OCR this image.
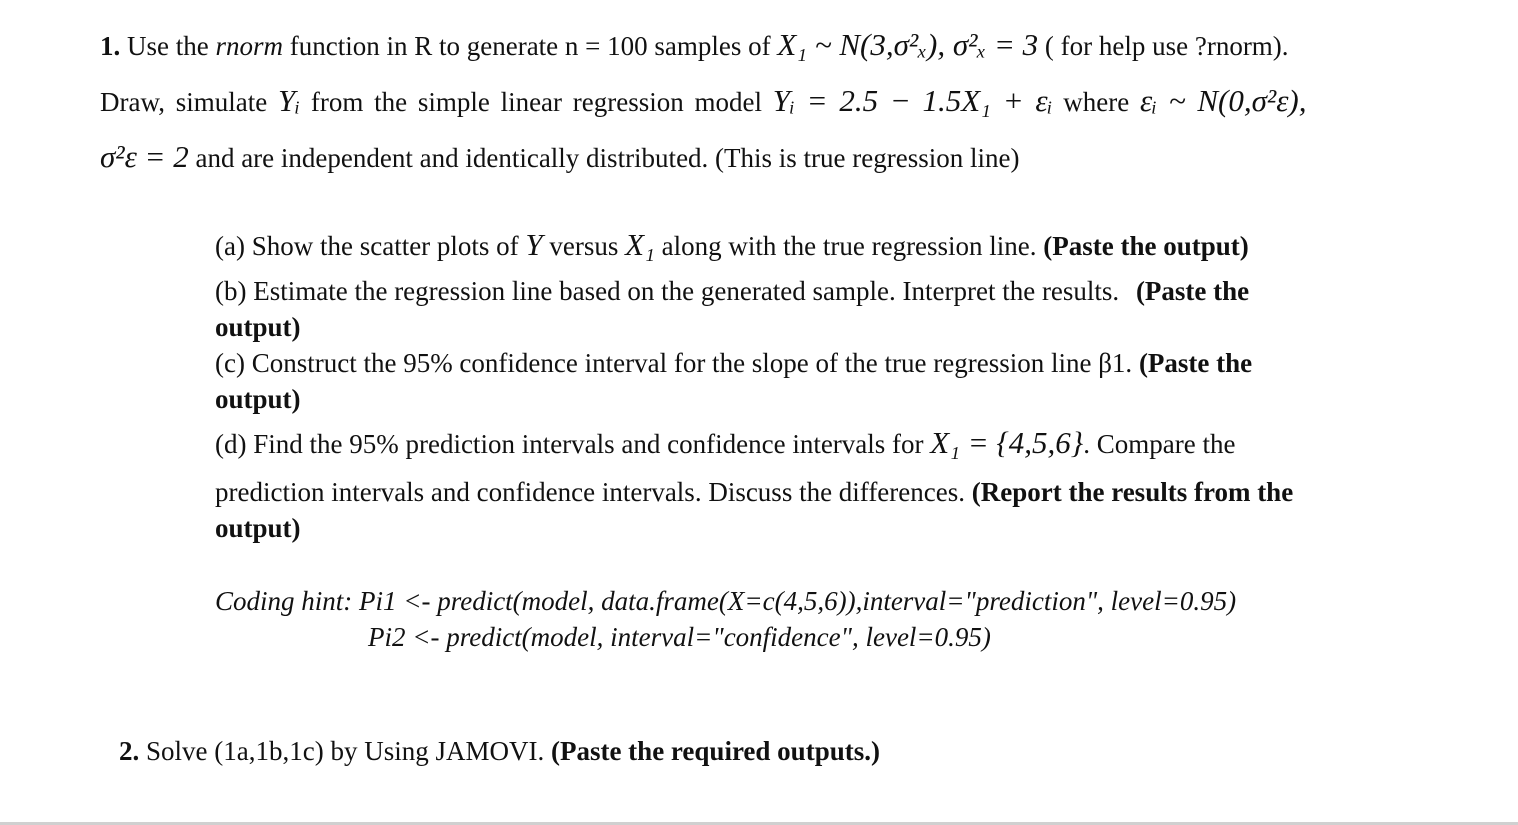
1. Use the rnorm function in R to generate n = 100 samples of X₁ ~ N(3,σ²ₓ), σ²ₓ = 3 ( for help use ?rnorm).
Draw, simulate Yᵢ from the simple linear regression model Yᵢ = 2.5 − 1.5X₁ + εᵢ where εᵢ ~ N(0,σ²ε),
σ²ε = 2 and are independent and identically distributed. (This is true regression line)
(a) Show the scatter plots of Y versus X₁ along with the true regression line. (Paste the output)
(b) Estimate the regression line based on the generated sample. Interpret the results. (Paste the
output)
(c) Construct the 95% confidence interval for the slope of the true regression line β1. (Paste the
output)
(d) Find the 95% prediction intervals and confidence intervals for X₁ = {4,5,6}. Compare the
prediction intervals and confidence intervals. Discuss the differences. (Report the results from the
output)
Coding hint: Pi1 <- predict(model, data.frame(X=c(4,5,6)),interval="prediction", level=0.95)
Pi2 <- predict(model, interval="confidence", level=0.95)
2. Solve (1a,1b,1c) by Using JAMOVI. (Paste the required outputs.)
